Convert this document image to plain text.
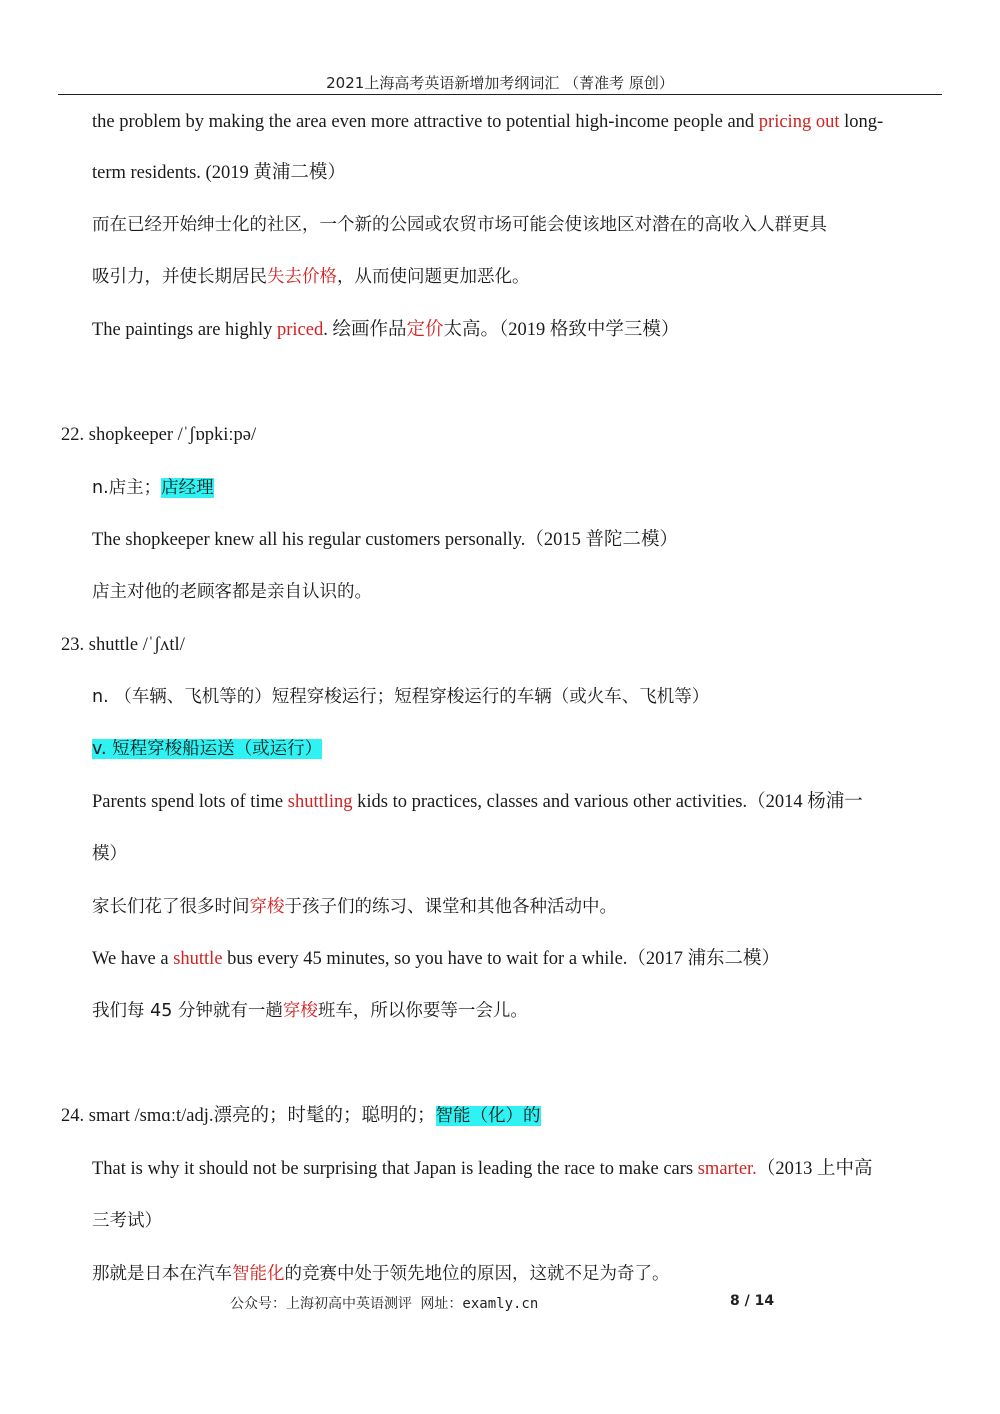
2021上海高考英语新增加考纲词汇 （菁准考 原创）
the problem by making the area even more attractive to potential high-income people and pricing out long-
term residents. (2019 黄浦二模）
而在已经开始绅士化的社区，一个新的公园或农贸市场可能会使该地区对潜在的高收入人群更具
吸引力，并使长期居民失去价格，从而使问题更加恶化。
The paintings are highly priced. 绘画作品定价太高。（2019 格致中学三模）
22. shopkeeper /ˈʃɒpkiːpə/
n.店主；店经理
The shopkeeper knew all his regular customers personally.（2015 普陀二模）
店主对他的老顾客都是亲自认识的。
23. shuttle /ˈʃʌtl/
n. （车辆、飞机等的）短程穿梭运行；短程穿梭运行的车辆（或火车、飞机等）
v. 短程穿梭船运送（或运行）
Parents spend lots of time shuttling kids to practices, classes and various other activities.（2014 杨浦一
模）
家长们花了很多时间穿梭于孩子们的练习、课堂和其他各种活动中。
We have a shuttle bus every 45 minutes, so you have to wait for a while.（2017 浦东二模）
我们每 45 分钟就有一趟穿梭班车，所以你要等一会儿。
24. smart /smɑːt/adj.漂亮的；时髦的；聪明的；智能（化）的
That is why it should not be surprising that Japan is leading the race to make cars smarter.（2013 上中高
三考试）
那就是日本在汽车智能化的竞赛中处于领先地位的原因，这就不足为奇了。
公众号：上海初高中英语测评 网址：examly.cn	8 / 14
